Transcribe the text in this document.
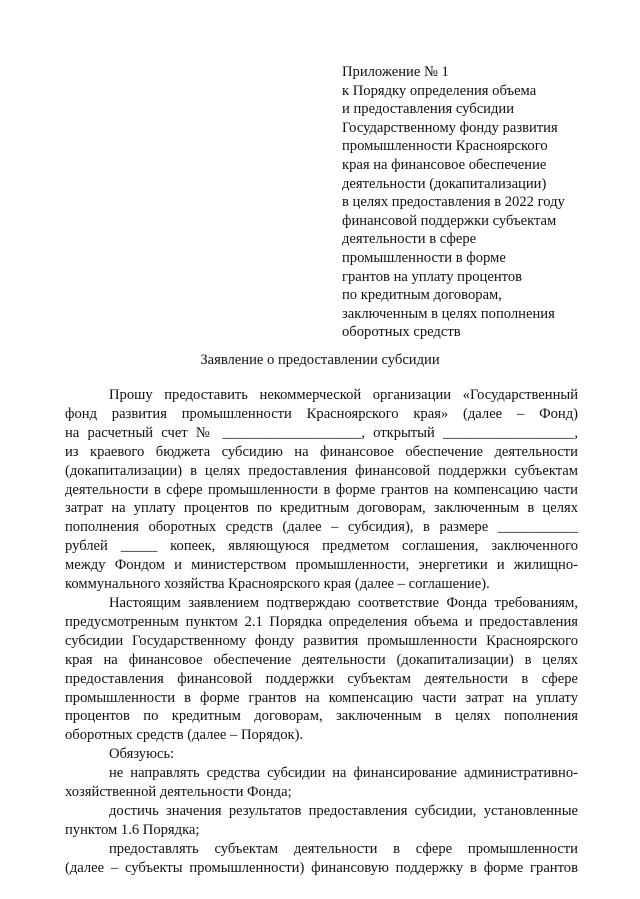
Приложение № 1
к Порядку определения объема
и предоставления субсидии
Государственному фонду развития
промышленности Красноярского
края на финансовое обеспечение
деятельности (докапитализации)
в целях предоставления в 2022 году
финансовой поддержки субъектам
деятельности в сфере
промышленности в форме
грантов на уплату процентов
по кредитным договорам,
заключенным в целях пополнения
оборотных средств
Заявление о предоставлении субсидии
Прошу предоставить некоммерческой организации «Государственный
фонд развития промышленности Красноярского края» (далее – Фонд)
на расчетный счет № ___________________, открытый __________________,
из краевого бюджета субсидию на финансовое обеспечение деятельности
(докапитализации) в целях предоставления финансовой поддержки субъектам
деятельности в сфере промышленности в форме грантов на компенсацию части
затрат на уплату процентов по кредитным договорам, заключенным в целях
пополнения оборотных средств (далее – субсидия), в размере ___________
рублей _____ копеек, являющуюся предметом соглашения, заключенного
между Фондом и министерством промышленности, энергетики и жилищно-
коммунального хозяйства Красноярского края (далее – соглашение).
Настоящим заявлением подтверждаю соответствие Фонда требованиям,
предусмотренным пунктом 2.1 Порядка определения объема и предоставления
субсидии Государственному фонду развития промышленности Красноярского
края на финансовое обеспечение деятельности (докапитализации) в целях
предоставления финансовой поддержки субъектам деятельности в сфере
промышленности в форме грантов на компенсацию части затрат на уплату
процентов по кредитным договорам, заключенным в целях пополнения
оборотных средств (далее – Порядок).
Обязуюсь:
не направлять средства субсидии на финансирование административно-
хозяйственной деятельности Фонда;
достичь значения результатов предоставления субсидии, установленные
пунктом 1.6 Порядка;
предоставлять субъектам деятельности в сфере промышленности
(далее – субъекты промышленности) финансовую поддержку в форме грантов
